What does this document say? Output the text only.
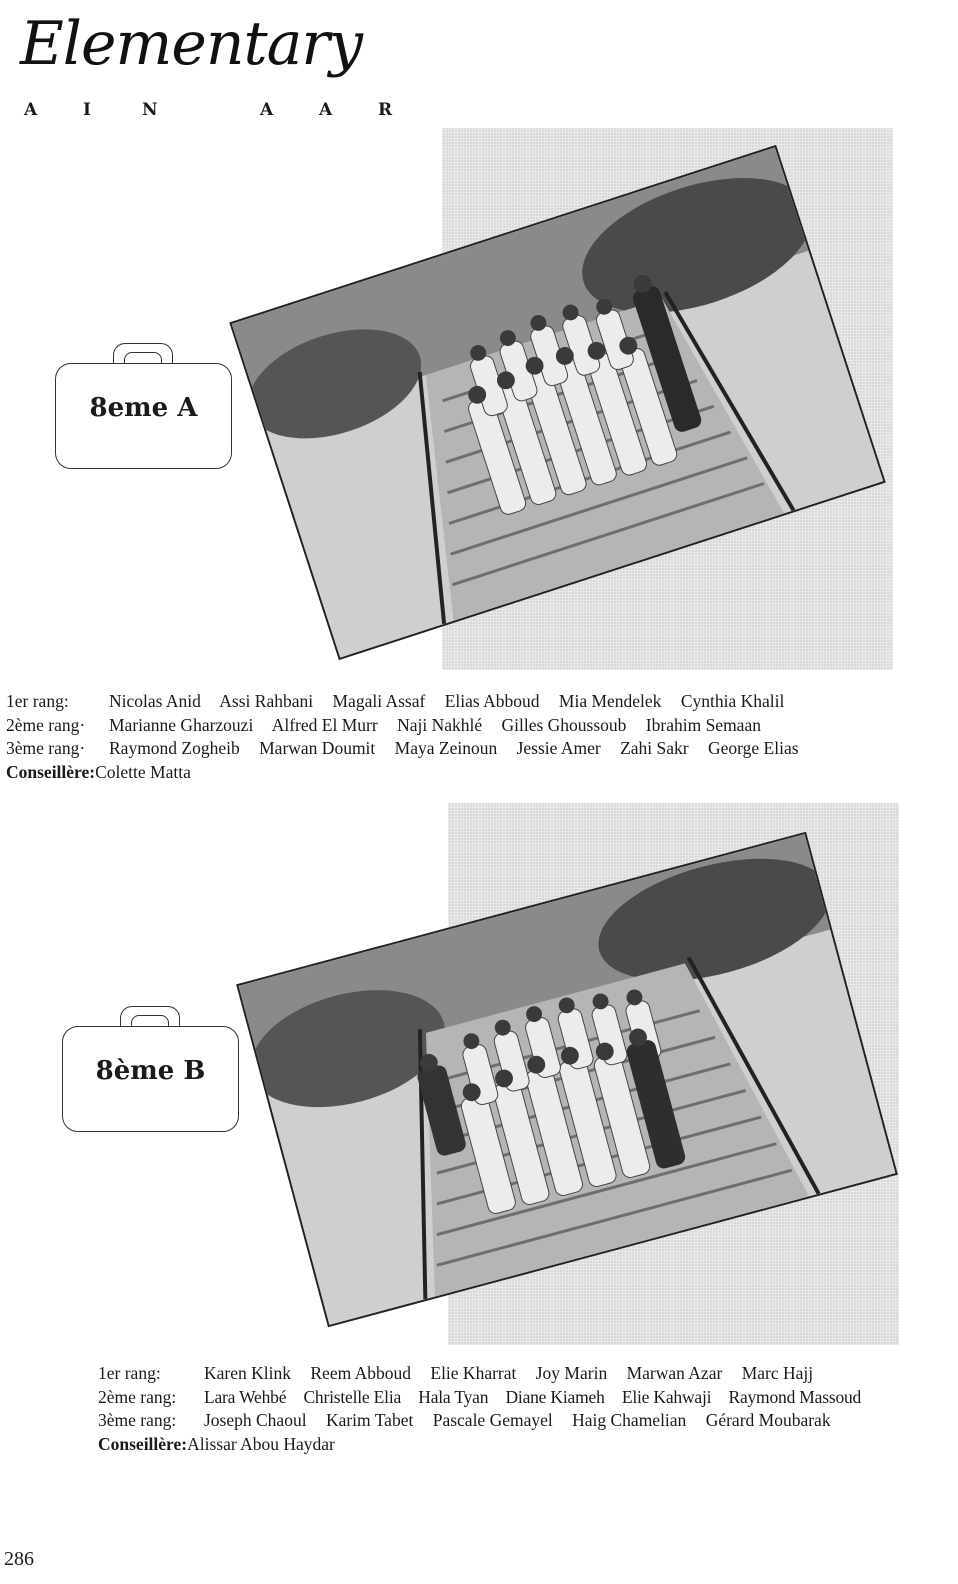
Elementary
A	I	N	A	A	R
8eme A
1er rang:	Nicolas Anid Assi Rahbani Magali Assaf Elias Abboud Mia Mendelek Cynthia Khalil
2ème rang·	Marianne Gharzouzi Alfred El Murr Naji Nakhlé Gilles Ghoussoub Ibrahim Semaan
3ème rang·	Raymond Zogheib Marwan Doumit Maya Zeinoun Jessie Amer Zahi Sakr George Elias
Conseillère: Colette Matta
8ème B
1er rang:	Karen Klink Reem Abboud Elie Kharrat Joy Marin Marwan Azar Marc Hajj
2ème rang:	Lara Wehbé Christelle Elia Hala Tyan Diane Kiameh Elie Kahwaji Raymond Massoud
3ème rang:	Joseph Chaoul Karim Tabet Pascale Gemayel Haig Chamelian Gérard Moubarak
Conseillère: Alissar Abou Haydar
286
